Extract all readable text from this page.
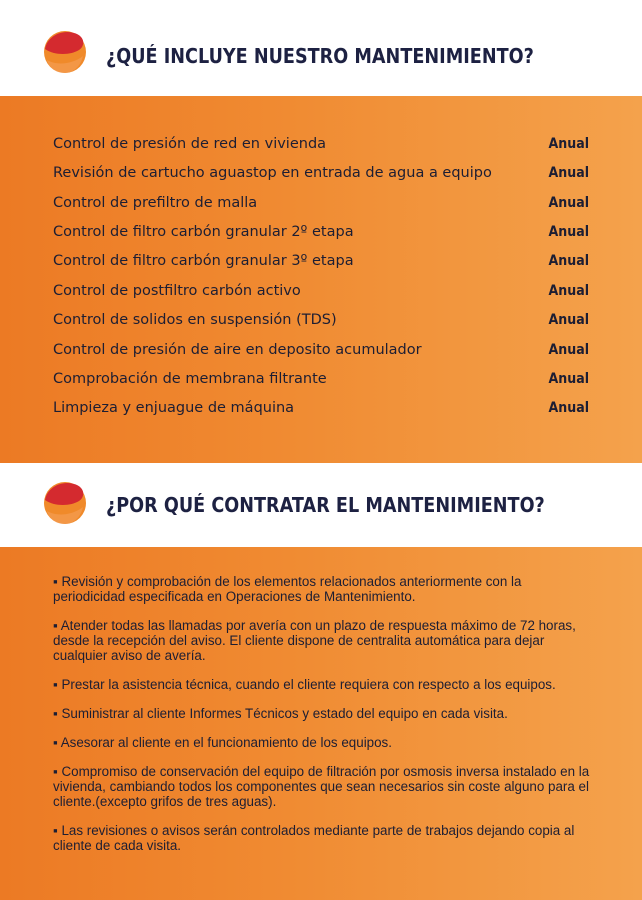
¿QUÉ INCLUYE NUESTRO MANTENIMIENTO?
Control de presión de red en vivienda	Anual
Revisión de cartucho aguastop en entrada de agua a equipo	Anual
Control de prefiltro de malla	Anual
Control de filtro carbón granular 2º etapa	Anual
Control de filtro carbón granular 3º etapa	Anual
Control de postfiltro carbón activo	Anual
Control de solidos en suspensión (TDS)	Anual
Control de presión de aire en deposito acumulador	Anual
Comprobación de membrana filtrante	Anual
Limpieza y enjuague de máquina	Anual
¿POR QUÉ CONTRATAR EL MANTENIMIENTO?
▪ Revisión y comprobación de los elementos relacionados anteriormente con la periodicidad especificada en Operaciones de Mantenimiento.
▪ Atender todas las llamadas por avería con un plazo de respuesta máximo de 72 horas, desde la recepción del aviso. El cliente dispone de centralita automática para dejar cualquier aviso de avería.
▪ Prestar la asistencia técnica, cuando el cliente requiera con respecto a los equipos.
▪ Suministrar al cliente Informes Técnicos y estado del equipo en cada visita.
▪ Asesorar al cliente en el funcionamiento de los equipos.
▪ Compromiso de conservación del equipo de filtración por osmosis inversa instalado en la vivienda, cambiando todos los componentes que sean necesarios sin coste alguno para el cliente.(excepto grifos de tres aguas).
▪ Las revisiones o avisos serán controlados mediante parte de trabajos dejando copia al cliente de cada visita.
